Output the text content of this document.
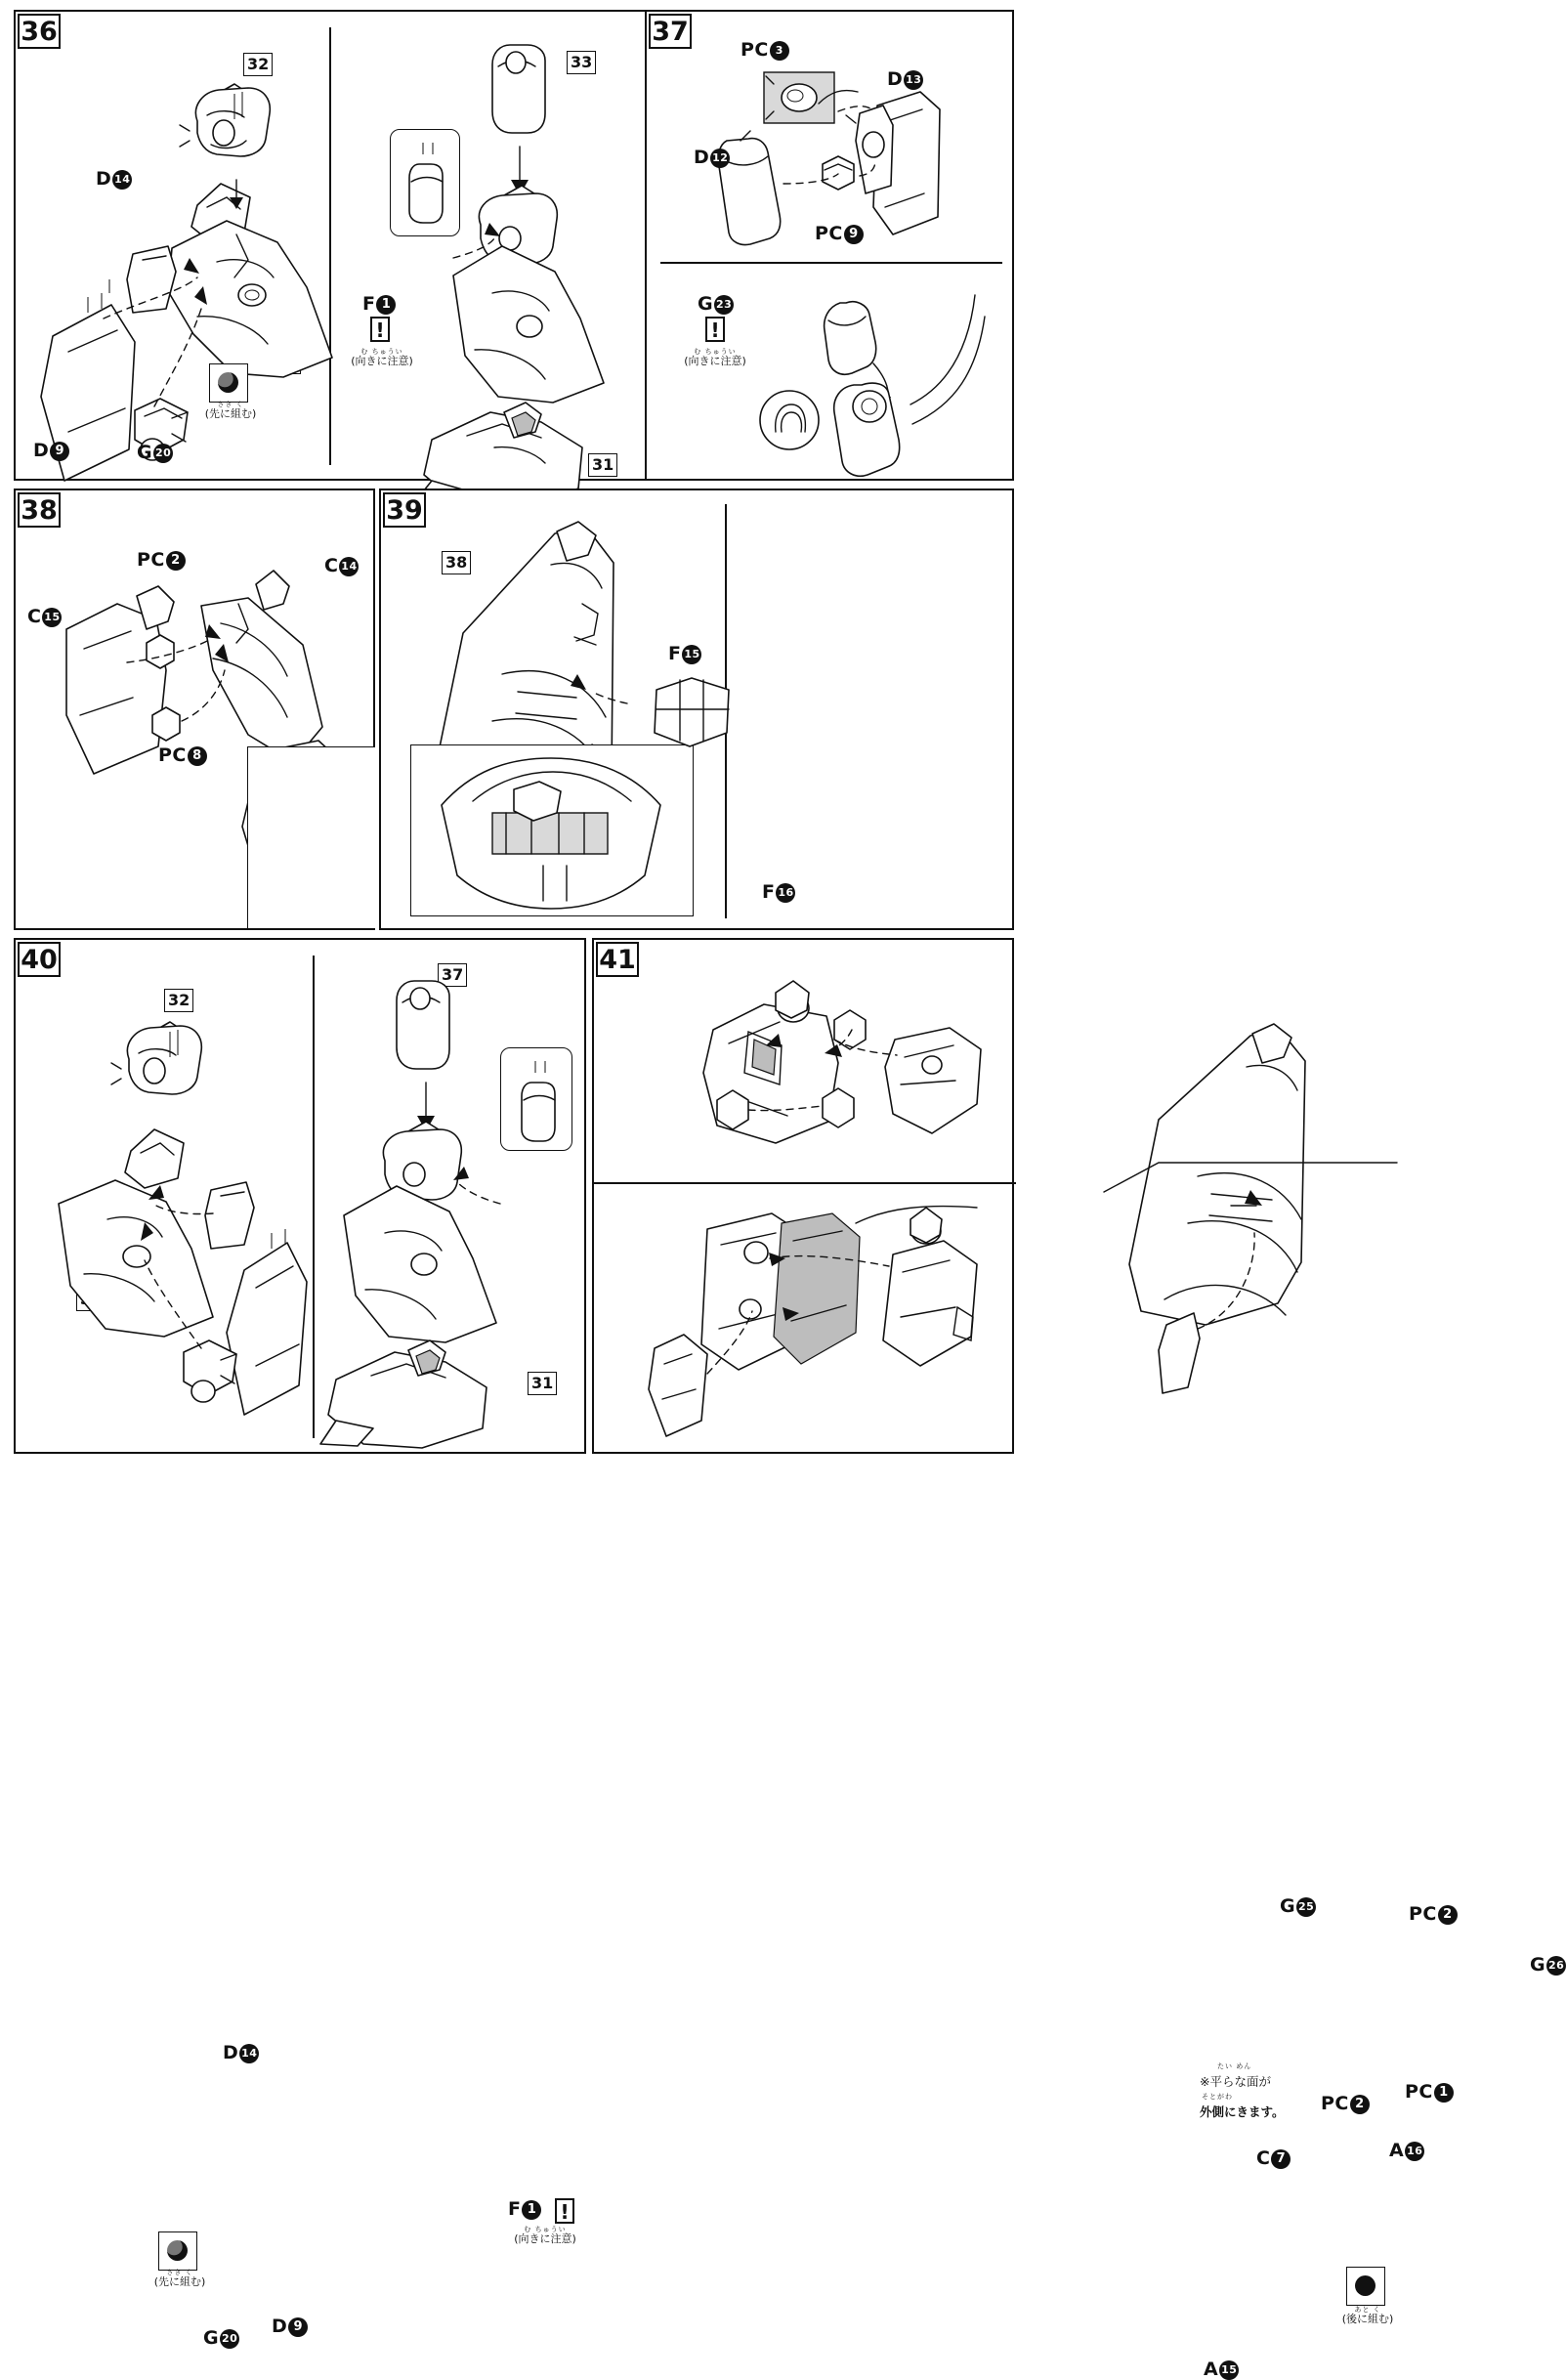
36
32
D 14
D 9	G 20
さき く
(先に組む)
33
31
F 1
!
む ちゅうい
(向きに注意)
37
PC 3
D 12
D 13
PC 9
G 23
!
む ちゅうい
(向きに注意)
38
PC 2	C 14
C 15
PC 8
39
38
F 15
F 16
40
32
D 14
D 9
G 20
さき く
(先に組む)
37
31
F 1 !
む ちゅうい
(向きに注意)
41
G 25	PC 2
G 26
PC 2
PC 1
たい めん
※平らな面が

そとがわ
外側にきます。
あと く
(後に組む)
C 7	A 16
A 15
